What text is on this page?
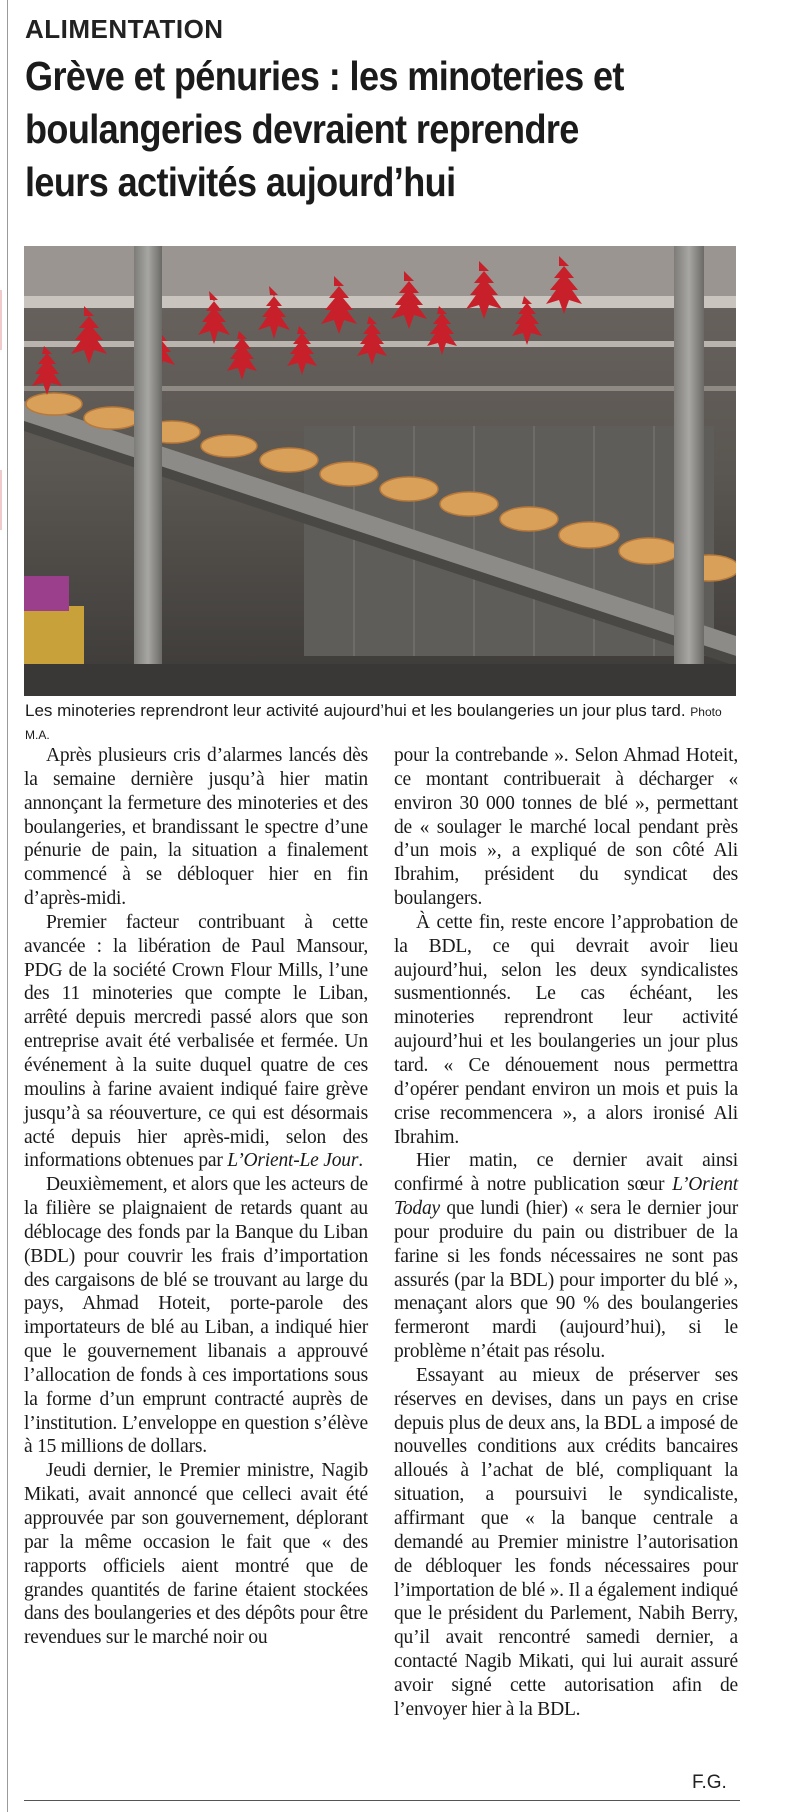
ALIMENTATION
Grève et pénuries : les minoteries et boulangeries devraient reprendre leurs activités aujourd’hui

Les minoteries reprendront leur activité aujourd’hui et les boulangeries un jour plus tard. Photo M.A.

Après plusieurs cris d’alarmes lancés dès la semaine dernière jusqu’à hier matin annonçant la fermeture des minoteries et des boulangeries, et brandissant le spectre d’une pénurie de pain, la situation a finalement commencé à se débloquer hier en fin d’après-midi.

Premier facteur contribuant à cette avancée : la libération de Paul Mansour, PDG de la société Crown Flour Mills, l’une des 11 minoteries que compte le Liban, arrêté depuis mercredi passé alors que son entreprise avait été verbalisée et fermée. Un événement à la suite duquel quatre de ces moulins à farine avaient indiqué faire grève jusqu’à sa réouverture, ce qui est désormais acté depuis hier après-midi, selon des informations obtenues par L’Orient-Le Jour.

Deuxièmement, et alors que les acteurs de la filière se plaignaient de retards quant au déblocage des fonds par la Banque du Liban (BDL) pour couvrir les frais d’importation des cargaisons de blé se trouvant au large du pays, Ahmad Hoteit, porte-parole des importateurs de blé au Liban, a indiqué hier que le gouvernement libanais a approuvé l’allocation de fonds à ces importations sous la forme d’un emprunt contracté auprès de l’institution. L’enveloppe en question s’élève à 15 millions de dollars.

Jeudi dernier, le Premier ministre, Nagib Mikati, avait annoncé que celleci avait été approuvée par son gouvernement, déplorant par la même occasion le fait que « des rapports officiels aient montré que de grandes quantités de farine étaient stockées dans des boulangeries et des dépôts pour être revendues sur le marché noir ou

pour la contrebande ». Selon Ahmad Hoteit, ce montant contribuerait à décharger « environ 30 000 tonnes de blé », permettant de « soulager le marché local pendant près d’un mois », a expliqué de son côté Ali Ibrahim, président du syndicat des boulangers.

À cette fin, reste encore l’approbation de la BDL, ce qui devrait avoir lieu aujourd’hui, selon les deux syndicalistes susmentionnés. Le cas échéant, les minoteries reprendront leur activité aujourd’hui et les boulangeries un jour plus tard. « Ce dénouement nous permettra d’opérer pendant environ un mois et puis la crise recommencera », a alors ironisé Ali Ibrahim.

Hier matin, ce dernier avait ainsi confirmé à notre publication sœur L’Orient Today que lundi (hier) « sera le dernier jour pour produire du pain ou distribuer de la farine si les fonds nécessaires ne sont pas assurés (par la BDL) pour importer du blé », menaçant alors que 90 % des boulangeries fermeront mardi (aujourd’hui), si le problème n’était pas résolu.

Essayant au mieux de préserver ses réserves en devises, dans un pays en crise depuis plus de deux ans, la BDL a imposé de nouvelles conditions aux crédits bancaires alloués à l’achat de blé, compliquant la situation, a poursuivi le syndicaliste, affirmant que « la banque centrale a demandé au Premier ministre l’autorisation de débloquer les fonds nécessaires pour l’importation de blé ». Il a également indiqué que le président du Parlement, Nabih Berry, qu’il avait rencontré samedi dernier, a contacté Nagib Mikati, qui lui aurait assuré avoir signé cette autorisation afin de l’envoyer hier à la BDL.

F.G.
